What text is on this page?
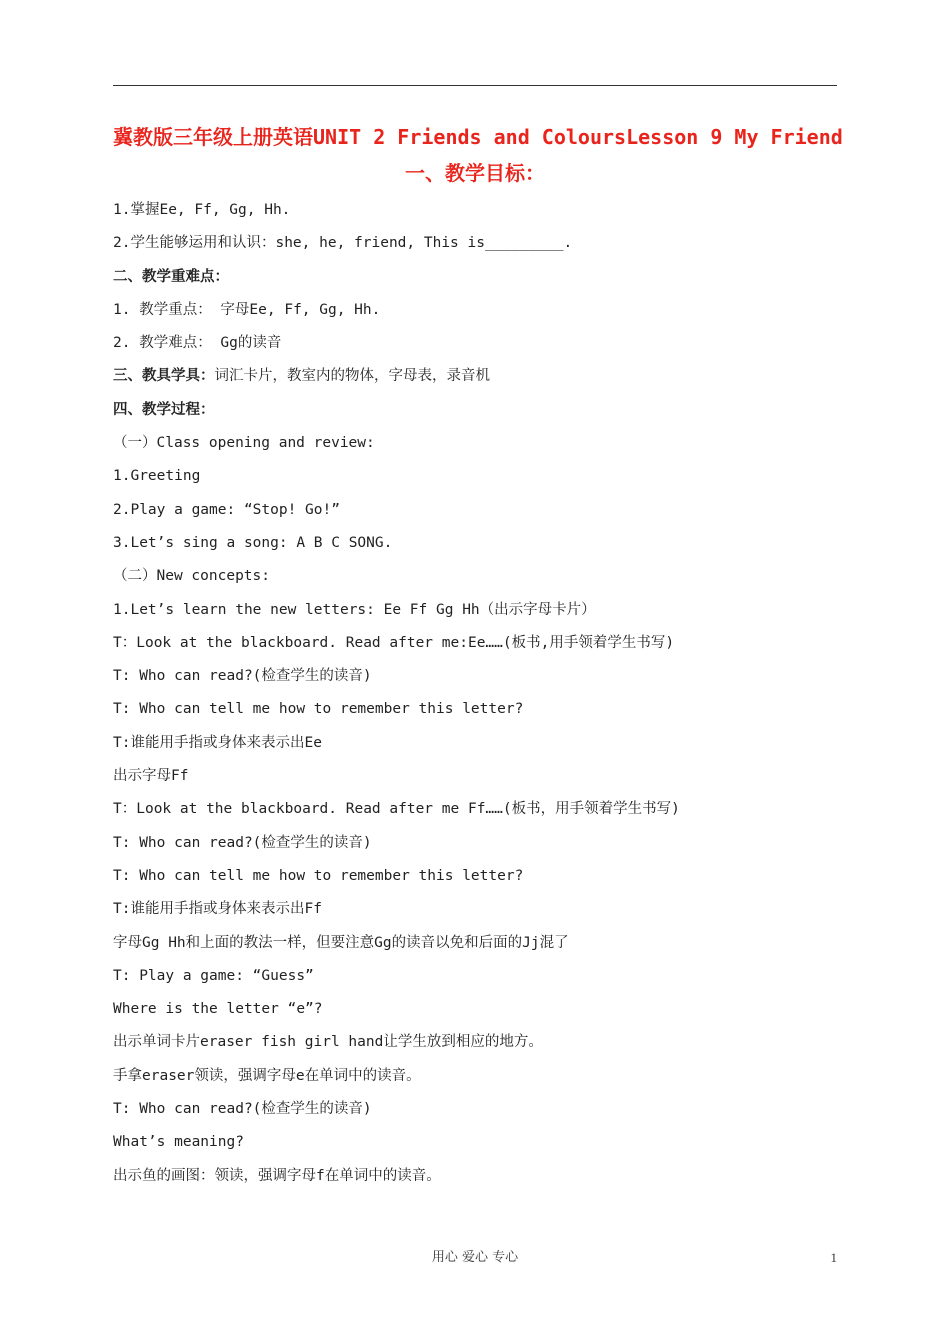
冀教版三年级上册英语UNIT 2 Friends and ColoursLesson 9 My Friend
一、教学目标：
1.掌握Ee, Ff, Gg, Hh.
2.学生能够运用和认识：she, he, friend, This is_________.
二、教学重难点：
1. 教学重点： 字母Ee, Ff, Gg, Hh.
2. 教学难点： Gg的读音
三、教具学具：词汇卡片，教室内的物体，字母表，录音机
四、教学过程：
（一）Class opening and review:
1.Greeting
2.Play a game: “Stop! Go!”
3.Let’s sing a song: A B C SONG.
（二）New concepts:
1.Let’s learn the new letters: Ee Ff Gg Hh（出示字母卡片）
T：Look at the blackboard. Read after me:Ee……(板书,用手领着学生书写)
T: Who can read?(检查学生的读音)
T: Who can tell me how to remember this letter?
T:谁能用手指或身体来表示出Ee
出示字母Ff
T：Look at the blackboard. Read after me Ff……(板书，用手领着学生书写)
T: Who can read?(检查学生的读音)
T: Who can tell me how to remember this letter?
T:谁能用手指或身体来表示出Ff
字母Gg Hh和上面的教法一样，但要注意Gg的读音以免和后面的Jj混了
T: Play a game: “Guess”
Where is the letter “e”?
出示单词卡片eraser fish girl hand让学生放到相应的地方。
手拿eraser领读，强调字母e在单词中的读音。
T: Who can read?(检查学生的读音)
What’s meaning?
出示鱼的画图：领读，强调字母f在单词中的读音。
用心 爱心 专心	1
